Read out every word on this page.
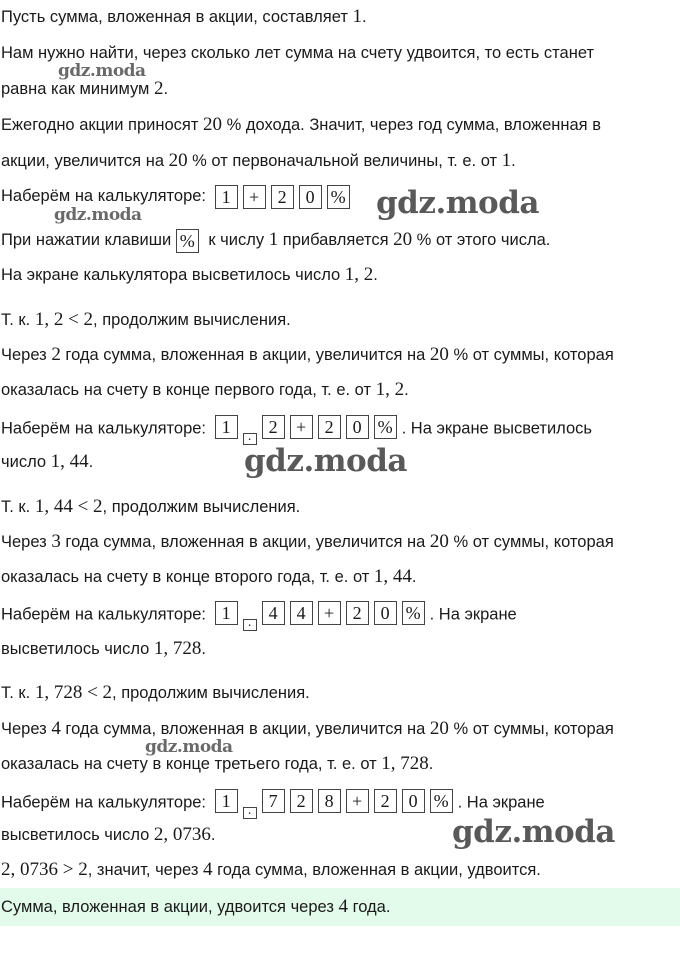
Пусть сумма, вложенная в акции, составляет 1.
Нам нужно найти, через сколько лет сумма на счету удвоится, то есть станет
равна как минимум 2.
Ежегодно акции приносят 20 % дохода. Значит, через год сумма, вложенная в
акции, увеличится на 20 % от первоначальной величины, т. е. от 1.
Наберём на калькуляторе: 1 + 2 0 %
При нажатии клавиши % к числу 1 прибавляется 20 % от этого числа.
На экране калькулятора высветилось число 1, 2.
Т. к. 1, 2 < 2, продолжим вычисления.
Через 2 года сумма, вложенная в акции, увеличится на 20 % от суммы, которая
оказалась на счету в конце первого года, т. е. от 1, 2.
Наберём на калькуляторе: 1 . 2 + 2 0 % . На экране высветилось
число 1, 44.
Т. к. 1, 44 < 2, продолжим вычисления.
Через 3 года сумма, вложенная в акции, увеличится на 20 % от суммы, которая
оказалась на счету в конце второго года, т. е. от 1, 44.
Наберём на калькуляторе: 1 . 4 4 + 2 0 % . На экране
высветилось число 1, 728.
Т. к. 1, 728 < 2, продолжим вычисления.
Через 4 года сумма, вложенная в акции, увеличится на 20 % от суммы, которая
оказалась на счету в конце третьего года, т. е. от 1, 728.
Наберём на калькуляторе: 1 . 7 2 8 + 2 0 % . На экране
высветилось число 2, 0736.
2, 0736 > 2, значит, через 4 года сумма, вложенная в акции, удвоится.
Сумма, вложенная в акции, удвоится через 4 года.
gdz.moda
gdz.moda	gdz.moda
gdz.moda
gdz.moda
gdz.moda
